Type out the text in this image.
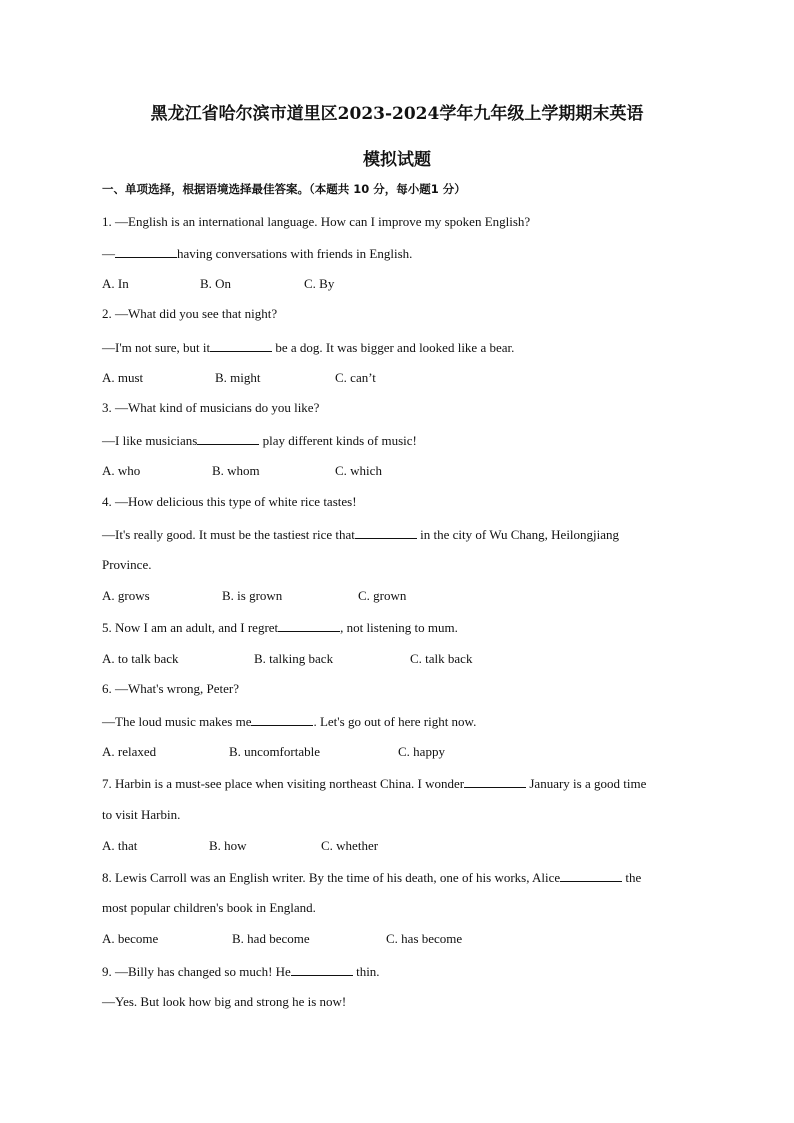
黑龙江省哈尔滨市道里区2023-2024学年九年级上学期期末英语
模拟试题
一、单项选择，根据语境选择最佳答案。（本题共 10 分，每小题1 分）
1. —English is an international language. How can I improve my spoken English?
—	having conversations with friends in English.
A. In	B. On	C. By
2. —What did you see that night?
—I'm not sure, but it	be a dog. It was bigger and looked like a bear.
A. must	B. might	C. can’t
3. —What kind of musicians do you like?
—I like musicians	play different kinds of music!
A. who	B. whom	C. which
4. —How delicious this type of white rice tastes!
—It's really good. It must be the tastiest rice that	in the city of Wu Chang, Heilongjiang
Province.
A. grows	B. is grown	C. grown
5. Now I am an adult, and I regret	, not listening to mum.
A. to talk back	B. talking back	C. talk back
6. —What's wrong, Peter?
—The loud music makes me	. Let's go out of here right now.
A. relaxed	B. uncomfortable	C. happy
7. Harbin is a must-see place when visiting northeast China. I wonder	January is a good time
to visit Harbin.
A. that	B. how	C. whether
8. Lewis Carroll was an English writer. By the time of his death, one of his works, Alice	the
most popular children's book in England.
A. become	B. had become	C. has become
9. —Billy has changed so much! He	thin.
—Yes. But look how big and strong he is now!
